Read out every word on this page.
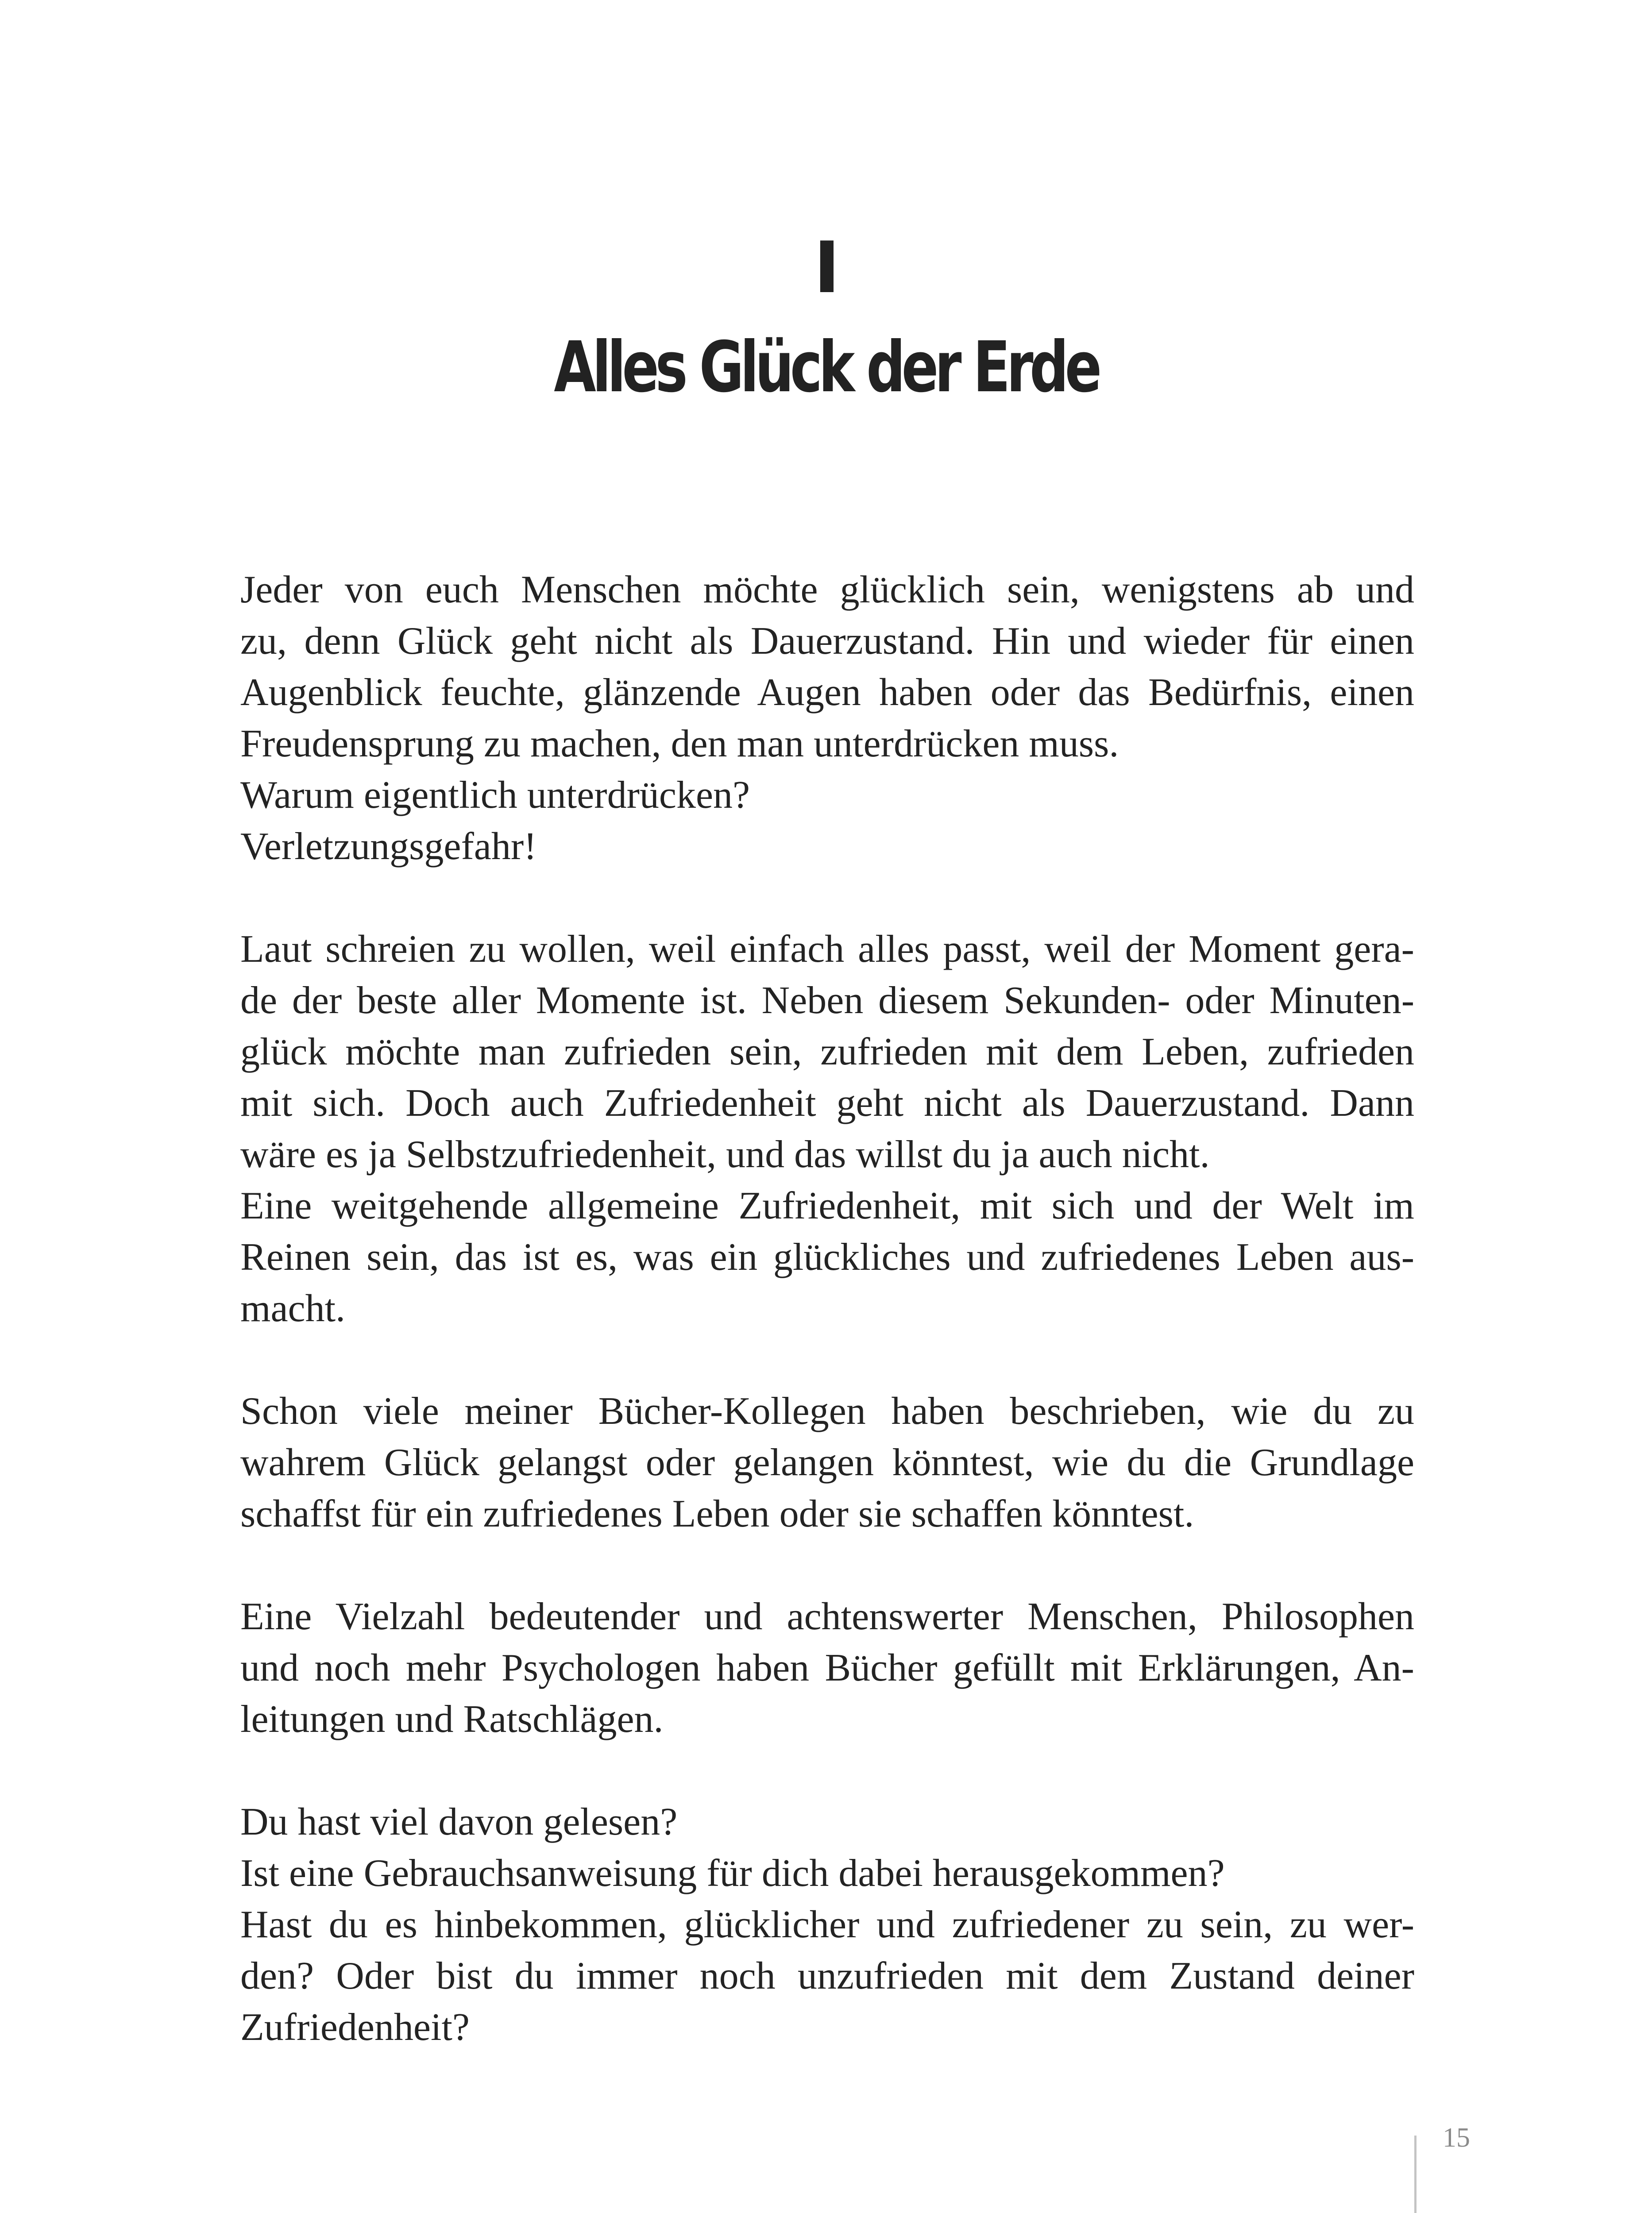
I
Alles Glück der Erde
Jeder von euch Menschen möchte glücklich sein, wenigstens ab und
zu, denn Glück geht nicht als Dauerzustand. Hin und wieder für einen
Augenblick feuchte, glänzende Augen haben oder das Bedürfnis, einen
Freudensprung zu machen, den man unterdrücken muss.
Warum eigentlich unterdrücken?
Verletzungsgefahr!
Laut schreien zu wollen, weil einfach alles passt, weil der Moment gera-
de der beste aller Momente ist. Neben diesem Sekunden- oder Minuten-
glück möchte man zufrieden sein, zufrieden mit dem Leben, zufrieden
mit sich. Doch auch Zufriedenheit geht nicht als Dauerzustand. Dann
wäre es ja Selbstzufriedenheit, und das willst du ja auch nicht.
Eine weitgehende allgemeine Zufriedenheit, mit sich und der Welt im
Reinen sein, das ist es, was ein glückliches und zufriedenes Leben aus-
macht.
Schon viele meiner Bücher-Kollegen haben beschrieben, wie du zu
wahrem Glück gelangst oder gelangen könntest, wie du die Grundlage
schaffst für ein zufriedenes Leben oder sie schaffen könntest.
Eine Vielzahl bedeutender und achtenswerter Menschen, Philosophen
und noch mehr Psychologen haben Bücher gefüllt mit Erklärungen, An-
leitungen und Ratschlägen.
Du hast viel davon gelesen?
Ist eine Gebrauchsanweisung für dich dabei herausgekommen?
Hast du es hinbekommen, glücklicher und zufriedener zu sein, zu wer-
den? Oder bist du immer noch unzufrieden mit dem Zustand deiner
Zufriedenheit?
15
